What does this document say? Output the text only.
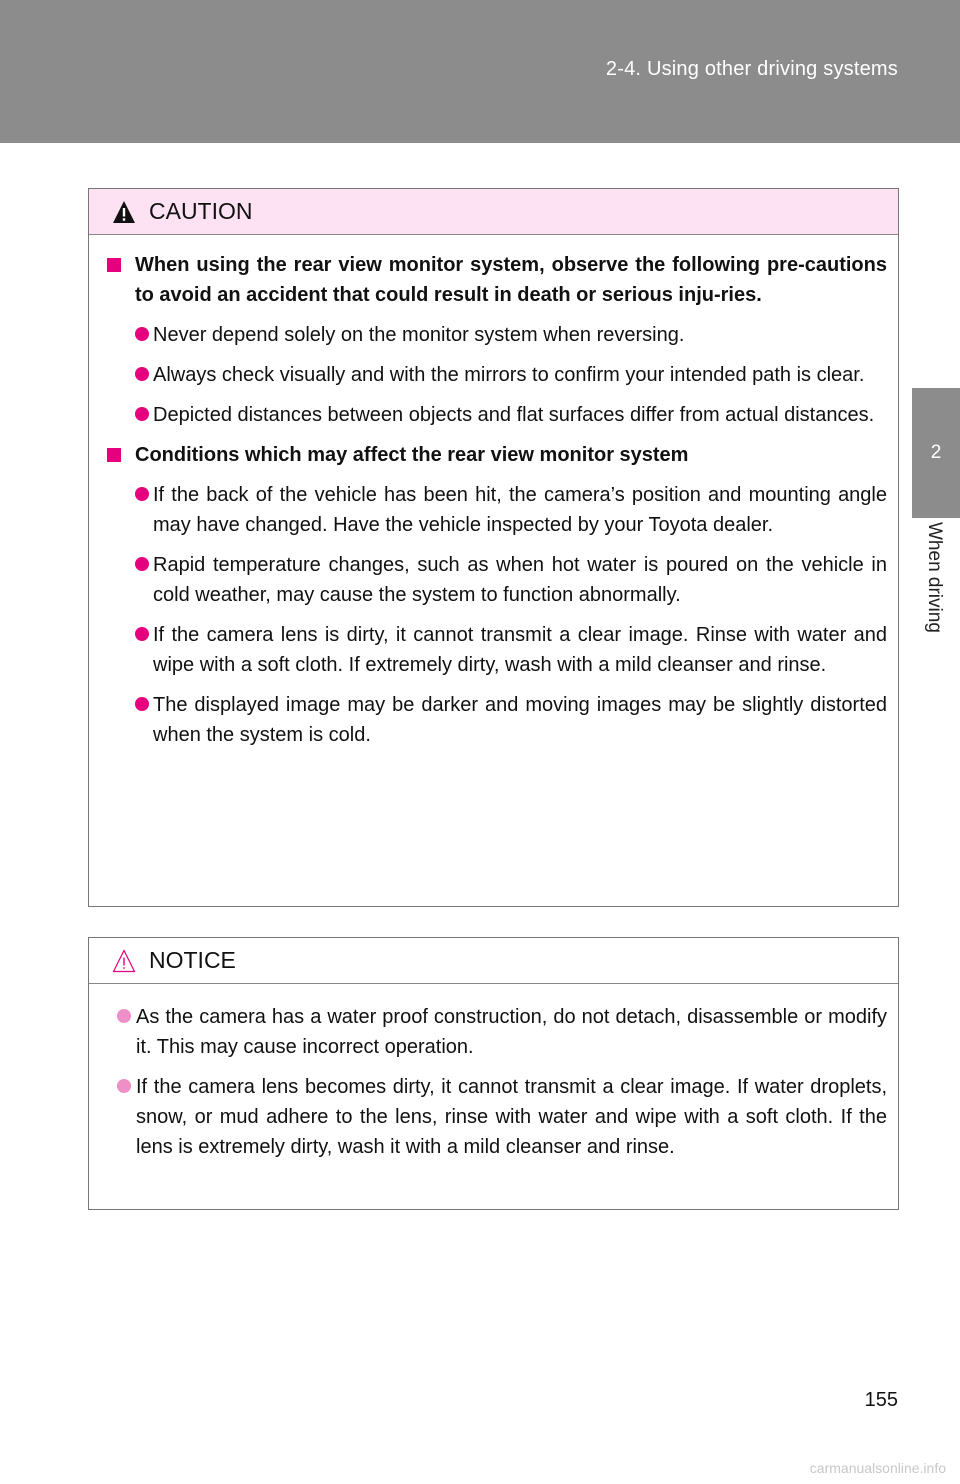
2-4. Using other driving systems
2
When driving
CAUTION

When using the rear view monitor system, observe the following pre-cautions to avoid an accident that could result in death or serious inju-ries.

Never depend solely on the monitor system when reversing.

Always check visually and with the mirrors to confirm your intended path is clear.

Depicted distances between objects and flat surfaces differ from actual distances.

Conditions which may affect the rear view monitor system

If the back of the vehicle has been hit, the camera’s position and mounting angle may have changed. Have the vehicle inspected by your Toyota dealer.

Rapid temperature changes, such as when hot water is poured on the vehicle in cold weather, may cause the system to function abnormally.

If the camera lens is dirty, it cannot transmit a clear image. Rinse with water and wipe with a soft cloth. If extremely dirty, wash with a mild cleanser and rinse.

The displayed image may be darker and moving images may be slightly distorted when the system is cold.

NOTICE

As the camera has a water proof construction, do not detach, disassemble or modify it. This may cause incorrect operation.

If the camera lens becomes dirty, it cannot transmit a clear image. If water droplets, snow, or mud adhere to the lens, rinse with water and wipe with a soft cloth. If the lens is extremely dirty, wash it with a mild cleanser and rinse.

155
carmanualsonline.info
